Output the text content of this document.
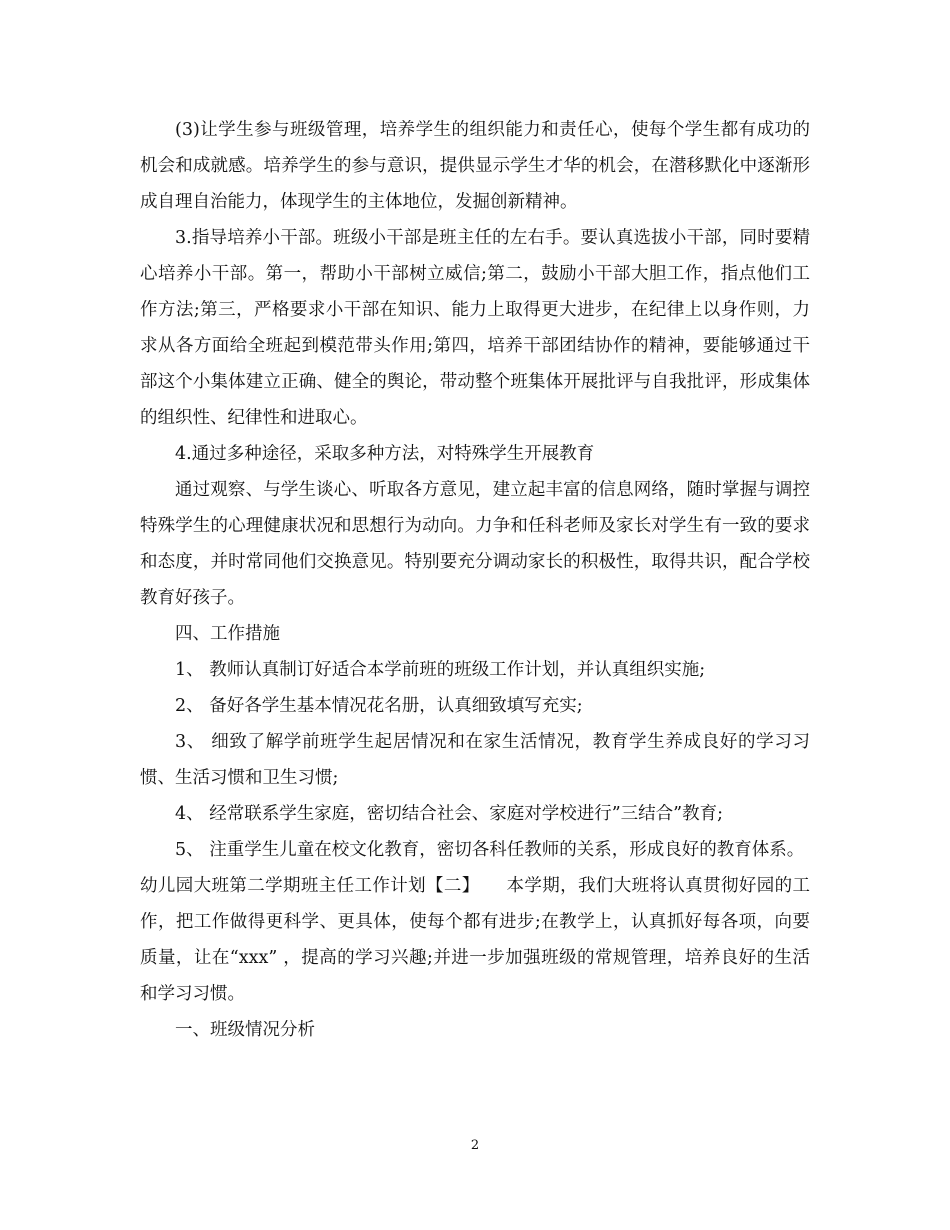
(3)让学生参与班级管理，培养学生的组织能力和责任心，使每个学生都有成功的机会和成就感。培养学生的参与意识，提供显示学生才华的机会，在潜移默化中逐渐形成自理自治能力，体现学生的主体地位，发掘创新精神。

3.指导培养小干部。班级小干部是班主任的左右手。要认真选拔小干部，同时要精心培养小干部。第一，帮助小干部树立威信;第二，鼓励小干部大胆工作，指点他们工作方法;第三，严格要求小干部在知识、能力上取得更大进步，在纪律上以身作则，力求从各方面给全班起到模范带头作用;第四，培养干部团结协作的精神，要能够通过干部这个小集体建立正确、健全的舆论，带动整个班集体开展批评与自我批评，形成集体的组织性、纪律性和进取心。

4.通过多种途径，采取多种方法，对特殊学生开展教育

通过观察、与学生谈心、听取各方意见，建立起丰富的信息网络，随时掌握与调控特殊学生的心理健康状况和思想行为动向。力争和任科老师及家长对学生有一致的要求和态度，并时常同他们交换意见。特别要充分调动家长的积极性，取得共识，配合学校教育好孩子。

四、工作措施

1、 教师认真制订好适合本学前班的班级工作计划，并认真组织实施;

2、 备好各学生基本情况花名册，认真细致填写充实;

3、 细致了解学前班学生起居情况和在家生活情况，教育学生养成良好的学习习惯、生活习惯和卫生习惯;

4、 经常联系学生家庭，密切结合社会、家庭对学校进行”三结合”教育;

5、 注重学生儿童在校文化教育，密切各科任教师的关系，形成良好的教育体系。

幼儿园大班第二学期班主任工作计划【二】　　本学期，我们大班将认真贯彻好园的工作，把工作做得更科学、更具体，使每个都有进步;在教学上，认真抓好每各项，向要质量，让在“xxx” ，提高的学习兴趣;并进一步加强班级的常规管理，培养良好的生活和学习习惯。

一、班级情况分析

2
